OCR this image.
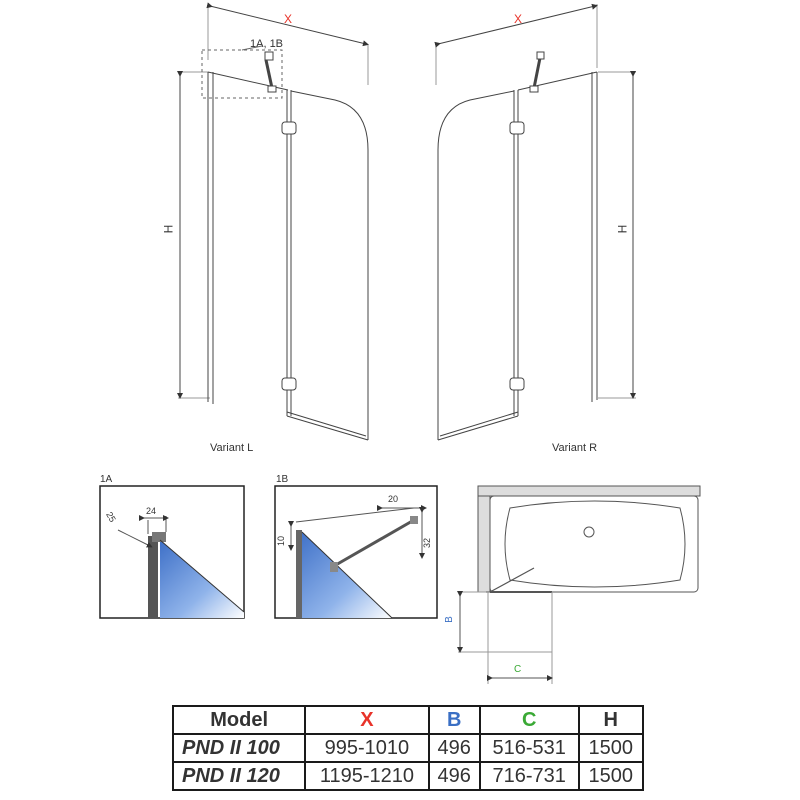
X	X
H	H
1A, 1B
Variant L	Variant R
1A
25	24
1B
20
10	32
B
C
Model	X	B	C	H
PND II 100	995-1010	496	516-531	1500
PND II 120	1195-1210	496	716-731	1500
